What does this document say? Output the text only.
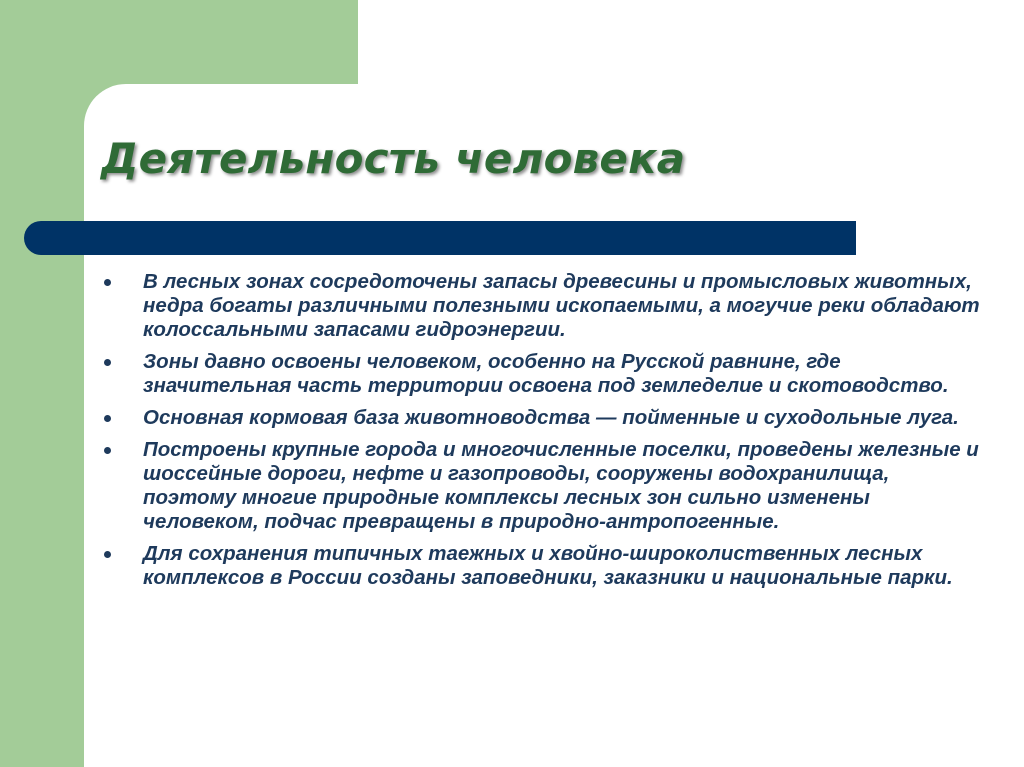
Деятельность человека
В лесных зонах сосредоточены запасы древесины и промысловых животных, недра богаты различными полезными ископаемыми, а могучие реки обладают колоссальными запасами гидроэнергии.
Зоны давно освоены человеком, особенно на Русской равнине, где значительная часть территории освоена под земледелие и скотоводство.
Основная кормовая база животноводства — пойменные и суходольные луга.
Построены крупные города и многочисленные поселки, проведены железные и шоссейные дороги, нефте и газопроводы, сооружены водохранилища, поэтому многие природные комплексы лесных зон сильно изменены человеком, подчас превращены в природно-антропогенные.
Для сохранения типичных таежных и хвойно-широколиственных лесных комплексов в России созданы заповедники, заказники и национальные парки.
